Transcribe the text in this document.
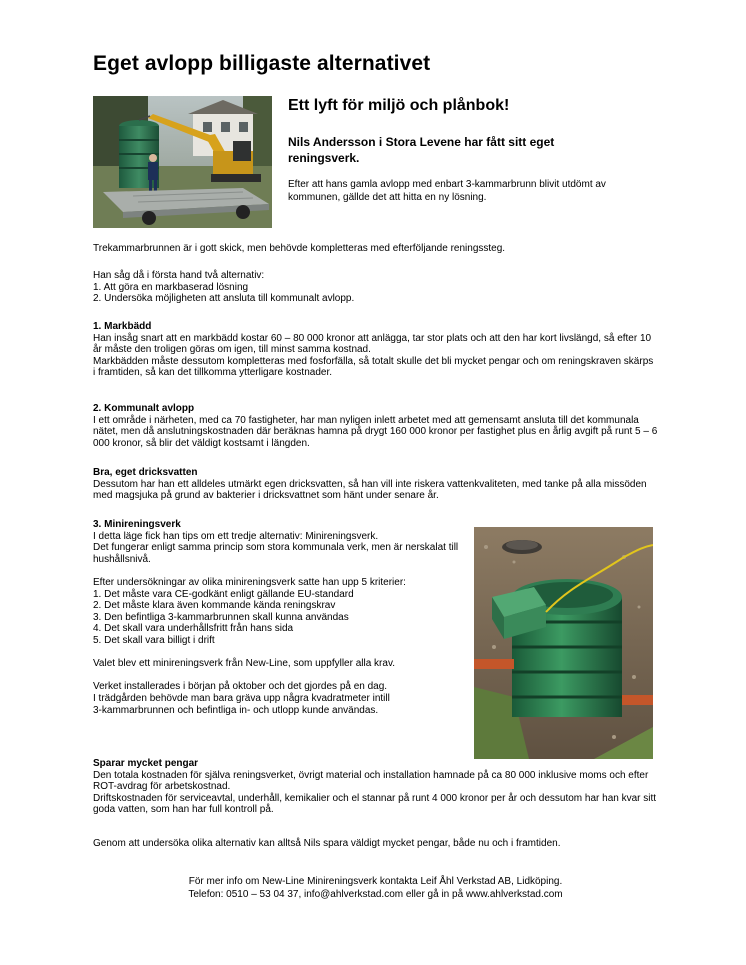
Eget avlopp billigaste alternativet
Ett lyft för miljö och plånbok!

Nils Andersson i Stora Levene har fått sitt eget reningsverk.

Efter att hans gamla avlopp med enbart 3-kammarbrunn blivit utdömt av kommunen, gällde det att hitta en ny lösning.

Trekammarbrunnen är i gott skick, men behövde kompletteras med efterföljande reningssteg.

Han såg då i första hand två alternativ:
1. Att göra en markbaserad lösning
2. Undersöka möjligheten att ansluta till kommunalt avlopp.

1. Markbädd

Han insåg snart att en markbädd kostar 60 – 80 000 kronor att anlägga, tar stor plats och att den har kort livslängd, så efter 10 år måste den troligen göras om igen, till minst samma kostnad.
Markbädden måste dessutom kompletteras med fosforfälla, så totalt skulle det bli mycket pengar och om reningskraven skärps i framtiden, så kan det tillkomma ytterligare kostnader.

2. Kommunalt avlopp

I ett område i närheten, med ca 70 fastigheter, har man nyligen inlett arbetet med att gemensamt ansluta till det kommunala nätet, men då anslutningskostnaden där beräknas hamna på drygt 160 000 kronor per fastighet plus en årlig avgift på runt 5 – 6 000 kronor, så blir det väldigt kostsamt i längden.

Bra, eget dricksvatten

Dessutom har han ett alldeles utmärkt egen dricksvatten, så han vill inte riskera vattenkvaliteten, med tanke på alla missöden med magsjuka på grund av bakterier i dricksvattnet som hänt under senare år.

3. Minireningsverk

I detta läge fick han tips om ett tredje alternativ: Minireningsverk.
Det fungerar enligt samma princip som stora kommunala verk, men är nerskalat till hushållsnivå.

Efter undersökningar av olika minireningsverk satte han upp 5 kriterier:

1. Det måste vara CE-godkänt enligt gällande EU-standard

2. Det måste klara även kommande kända reningskrav

3. Den befintliga 3-kammarbrunnen skall kunna användas

4. Det skall vara underhållsfritt från hans sida

5. Det skall vara billigt i drift

Valet blev ett minireningsverk från New-Line, som uppfyller alla krav.

Verket installerades i början på oktober och det gjordes på en dag.
I trädgården behövde man bara gräva upp några kvadratmeter intill
3-kammarbrunnen och befintliga in- och utlopp kunde användas.

Sparar mycket pengar

Den totala kostnaden för själva reningsverket, övrigt material och installation hamnade på ca 80 000 inklusive moms och efter ROT-avdrag för arbetskostnad.
Driftskostnaden för serviceavtal, underhåll, kemikalier och el stannar på runt 4 000 kronor per år och dessutom har han kvar sitt goda vatten, som han har full kontroll på.

Genom att undersöka olika alternativ kan alltså Nils spara väldigt mycket pengar, både nu och i framtiden.

För mer info om New-Line Minireningsverk kontakta Leif Åhl Verkstad AB, Lidköping.
Telefon: 0510 – 53 04 37, info@ahlverkstad.com eller gå in på www.ahlverkstad.com
